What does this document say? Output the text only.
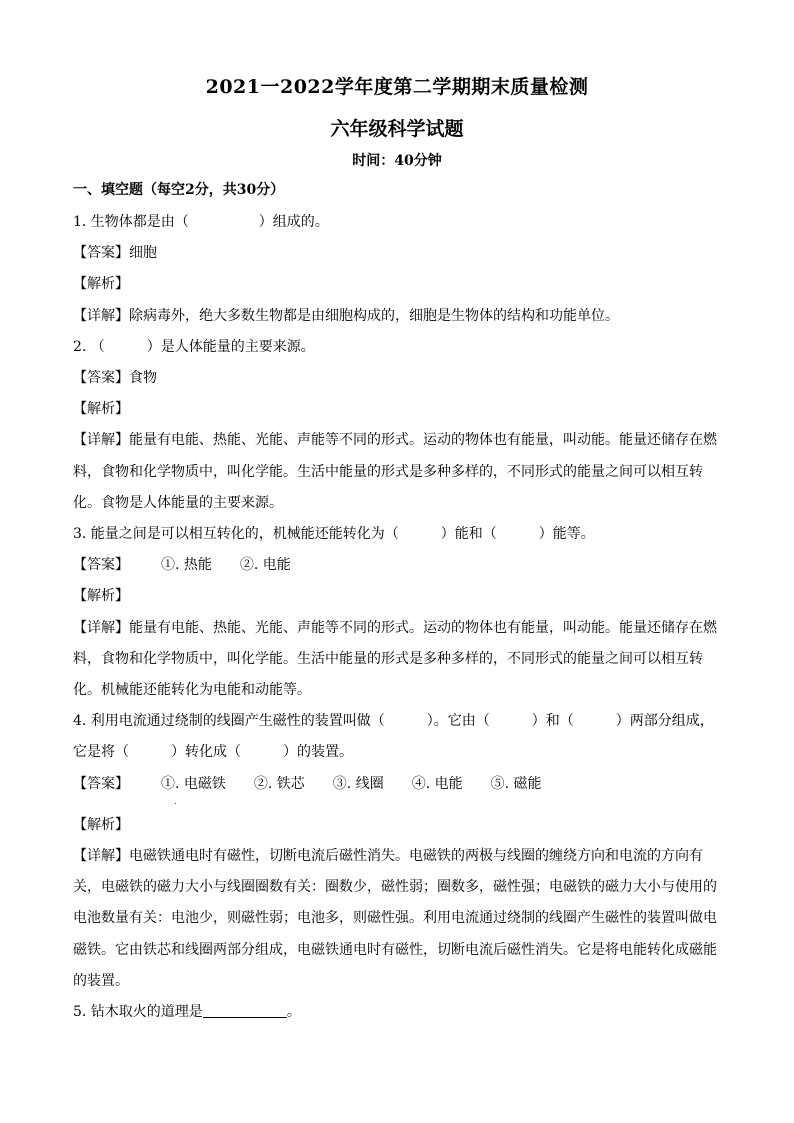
2021一2022学年度第二学期期末质量检测
六年级科学试题
时间：40分钟
一、填空题（每空2分，共30分）
1. 生物体都是由（　　　　　）组成的。
【答案】细胞
【解析】
【详解】除病毒外，绝大多数生物都是由细胞构成的，细胞是生物体的结构和功能单位。
2. （　　　）是人体能量的主要来源。
【答案】食物
【解析】
【详解】能量有电能、热能、光能、声能等不同的形式。运动的物体也有能量，叫动能。能量还储存在燃
料，食物和化学物质中，叫化学能。生活中能量的形式是多种多样的，不同形式的能量之间可以相互转
化。食物是人体能量的主要来源。
3. 能量之间是可以相互转化的，机械能还能转化为（　　　）能和（　　　）能等。
【答案】 ①. 热能　　②. 电能
【解析】
【详解】能量有电能、热能、光能、声能等不同的形式。运动的物体也有能量，叫动能。能量还储存在燃
料，食物和化学物质中，叫化学能。生活中能量的形式是多种多样的，不同形式的能量之间可以相互转
化。机械能还能转化为电能和动能等。
4. 利用电流通过绕制的线圈产生磁性的装置叫做（　　　）。它由（　　　）和（　　　）两部分组成，
它是将（　　　）转化成（　　　）的装置。
【答案】 ①. 电磁铁　　②. 铁芯　　③. 线圈　　④. 电能　　⑤. 磁能
.
【解析】
【详解】电磁铁通电时有磁性，切断电流后磁性消失。电磁铁的两极与线圈的缠绕方向和电流的方向有
关，电磁铁的磁力大小与线圈圈数有关：圈数少，磁性弱；圈数多，磁性强；电磁铁的磁力大小与使用的
电池数量有关：电池少，则磁性弱；电池多，则磁性强。利用电流通过绕制的线圈产生磁性的装置叫做电
磁铁。它由铁芯和线圈两部分组成，电磁铁通电时有磁性，切断电流后磁性消失。它是将电能转化成磁能
的装置。
5. 钻木取火的道理是	。
